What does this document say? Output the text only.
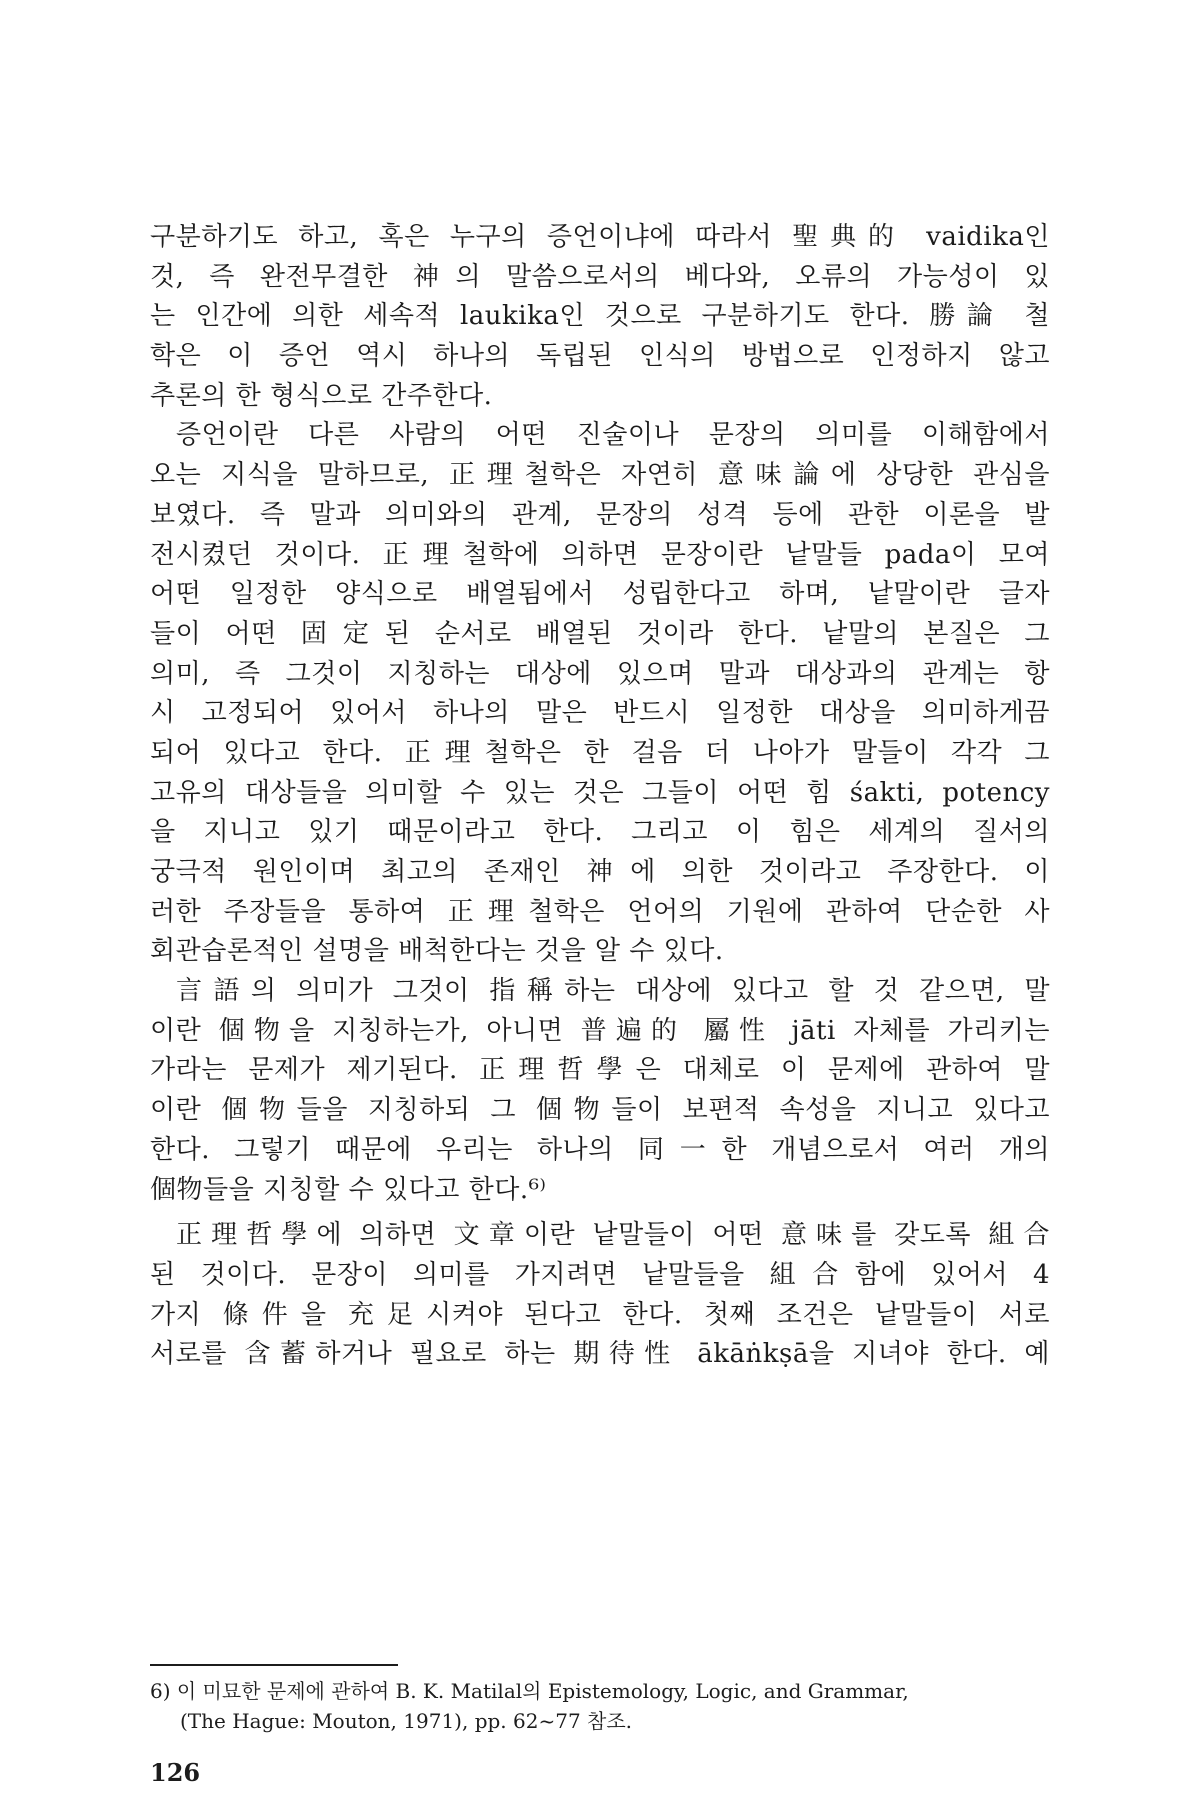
구분하기도 하고, 혹은 누구의 증언이냐에 따라서 聖典的 vaidika인
것, 즉 완전무결한 神의 말씀으로서의 베다와, 오류의 가능성이 있
는 인간에 의한 세속적 laukika인 것으로 구분하기도 한다. 勝論 철
학은 이 증언 역시 하나의 독립된 인식의 방법으로 인정하지 않고
추론의 한 형식으로 간주한다.
증언이란 다른 사람의 어떤 진술이나 문장의 의미를 이해함에서
오는 지식을 말하므로, 正理철학은 자연히 意味論에 상당한 관심을
보였다. 즉 말과 의미와의 관계, 문장의 성격 등에 관한 이론을 발
전시켰던 것이다. 正理철학에 의하면 문장이란 낱말들 pada이 모여
어떤 일정한 양식으로 배열됨에서 성립한다고 하며, 낱말이란 글자
들이 어떤 固定된 순서로 배열된 것이라 한다. 낱말의 본질은 그
의미, 즉 그것이 지칭하는 대상에 있으며 말과 대상과의 관계는 항
시 고정되어 있어서 하나의 말은 반드시 일정한 대상을 의미하게끔
되어 있다고 한다. 正理철학은 한 걸음 더 나아가 말들이 각각 그
고유의 대상들을 의미할 수 있는 것은 그들이 어떤 힘 śakti, potency
을 지니고 있기 때문이라고 한다. 그리고 이 힘은 세계의 질서의
궁극적 원인이며 최고의 존재인 神에 의한 것이라고 주장한다. 이
러한 주장들을 통하여 正理철학은 언어의 기원에 관하여 단순한 사
회관습론적인 설명을 배척한다는 것을 알 수 있다.
言語의 의미가 그것이 指稱하는 대상에 있다고 할 것 같으면, 말
이란 個物을 지칭하는가, 아니면 普遍的 屬性 jāti 자체를 가리키는
가라는 문제가 제기된다. 正理哲學은 대체로 이 문제에 관하여 말
이란 個物들을 지칭하되 그 個物들이 보편적 속성을 지니고 있다고
한다. 그렇기 때문에 우리는 하나의 同一한 개념으로서 여러 개의
個物들을 지칭할 수 있다고 한다.⁶⁾
正理哲學에 의하면 文章이란 낱말들이 어떤 意味를 갖도록 組合
된 것이다. 문장이 의미를 가지려면 낱말들을 組合함에 있어서 4
가지 條件을 充足시켜야 된다고 한다. 첫째 조건은 낱말들이 서로
서로를 含蓄하거나 필요로 하는 期待性 ākāṅkṣā을 지녀야 한다. 예
6) 이 미묘한 문제에 관하여 B. K. Matilal의 Epistemology, Logic, and Grammar,
(The Hague: Mouton, 1971), pp. 62~77 참조.
126
